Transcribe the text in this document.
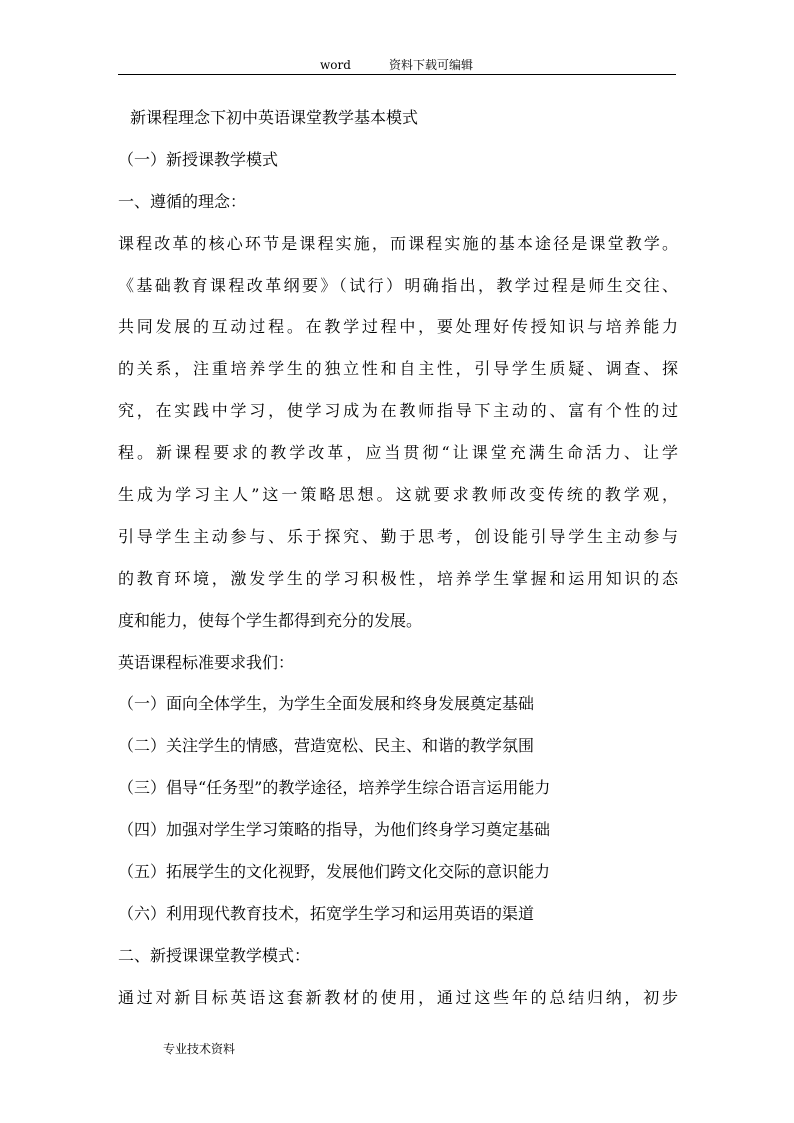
word	资料下载可编辑
新课程理念下初中英语课堂教学基本模式
（一）新授课教学模式
一、遵循的理念：
课程改革的核心环节是课程实施，而课程实施的基本途径是课堂教学。
《基础教育课程改革纲要》（试行）明确指出，教学过程是师生交往、
共同发展的互动过程。在教学过程中，要处理好传授知识与培养能力
的关系，注重培养学生的独立性和自主性，引导学生质疑、调查、探
究，在实践中学习，使学习成为在教师指导下主动的、富有个性的过
程。新课程要求的教学改革，应当贯彻“让课堂充满生命活力、让学
生成为学习主人”这一策略思想。这就要求教师改变传统的教学观，
引导学生主动参与、乐于探究、勤于思考，创设能引导学生主动参与
的教育环境，激发学生的学习积极性，培养学生掌握和运用知识的态
度和能力，使每个学生都得到充分的发展。
英语课程标准要求我们：
（一）面向全体学生，为学生全面发展和终身发展奠定基础
（二）关注学生的情感，营造宽松、民主、和谐的教学氛围
（三）倡导“任务型”的教学途径，培养学生综合语言运用能力
（四）加强对学生学习策略的指导，为他们终身学习奠定基础
（五）拓展学生的文化视野，发展他们跨文化交际的意识能力
（六）利用现代教育技术，拓宽学生学习和运用英语的渠道
二、新授课课堂教学模式：
通过对新目标英语这套新教材的使用，通过这些年的总结归纳，初步
专业技术资料
